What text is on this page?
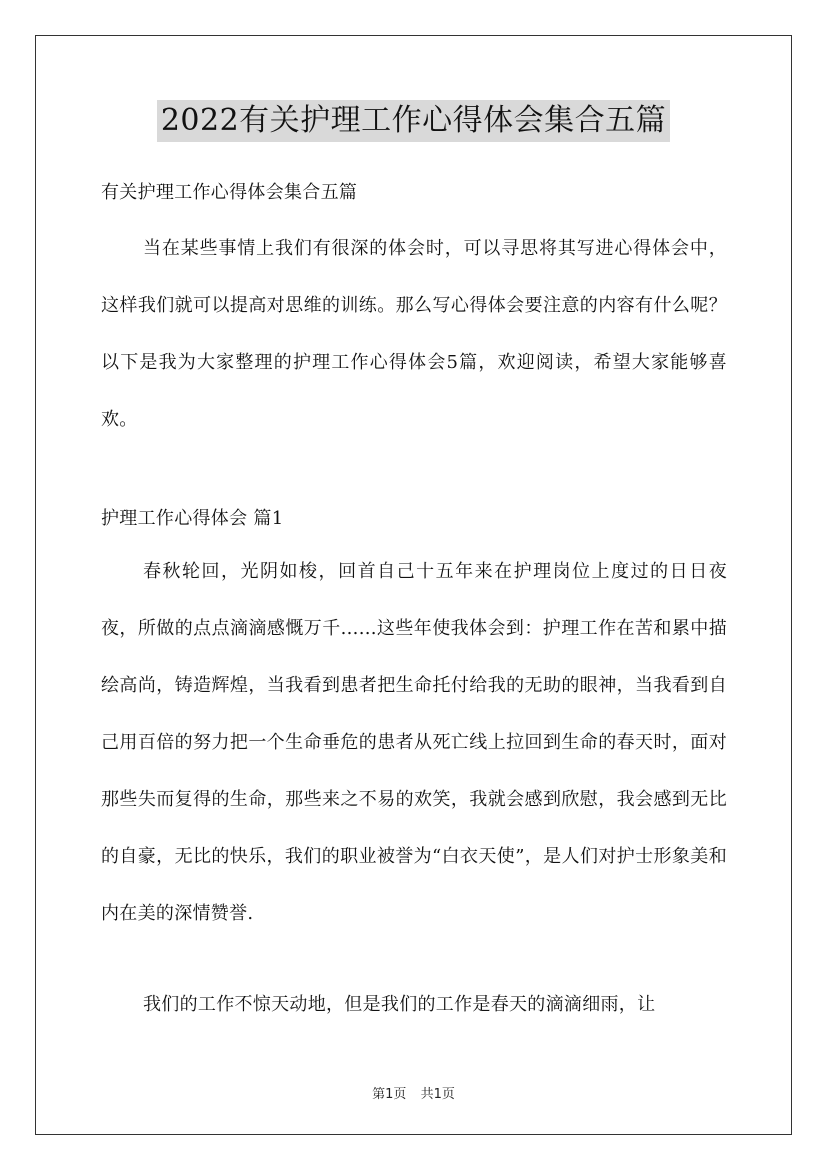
2022有关护理工作心得体会集合五篇

有关护理工作心得体会集合五篇

当在某些事情上我们有很深的体会时，可以寻思将其写进心得体会中，这样我们就可以提高对思维的训练。那么写心得体会要注意的内容有什么呢？以下是我为大家整理的护理工作心得体会5篇，欢迎阅读，希望大家能够喜欢。

护理工作心得体会 篇1

春秋轮回，光阴如梭，回首自己十五年来在护理岗位上度过的日日夜夜，所做的点点滴滴感慨万千......这些年使我体会到：护理工作在苦和累中描绘高尚，铸造辉煌，当我看到患者把生命托付给我的无助的眼神，当我看到自己用百倍的努力把一个生命垂危的患者从死亡线上拉回到生命的春天时，面对那些失而复得的生命，那些来之不易的欢笑，我就会感到欣慰，我会感到无比的自豪，无比的快乐，我们的职业被誉为“白衣天使”，是人们对护士形象美和内在美的深情赞誉.

我们的工作不惊天动地，但是我们的工作是春天的滴滴细雨，让

第1页 共1页
